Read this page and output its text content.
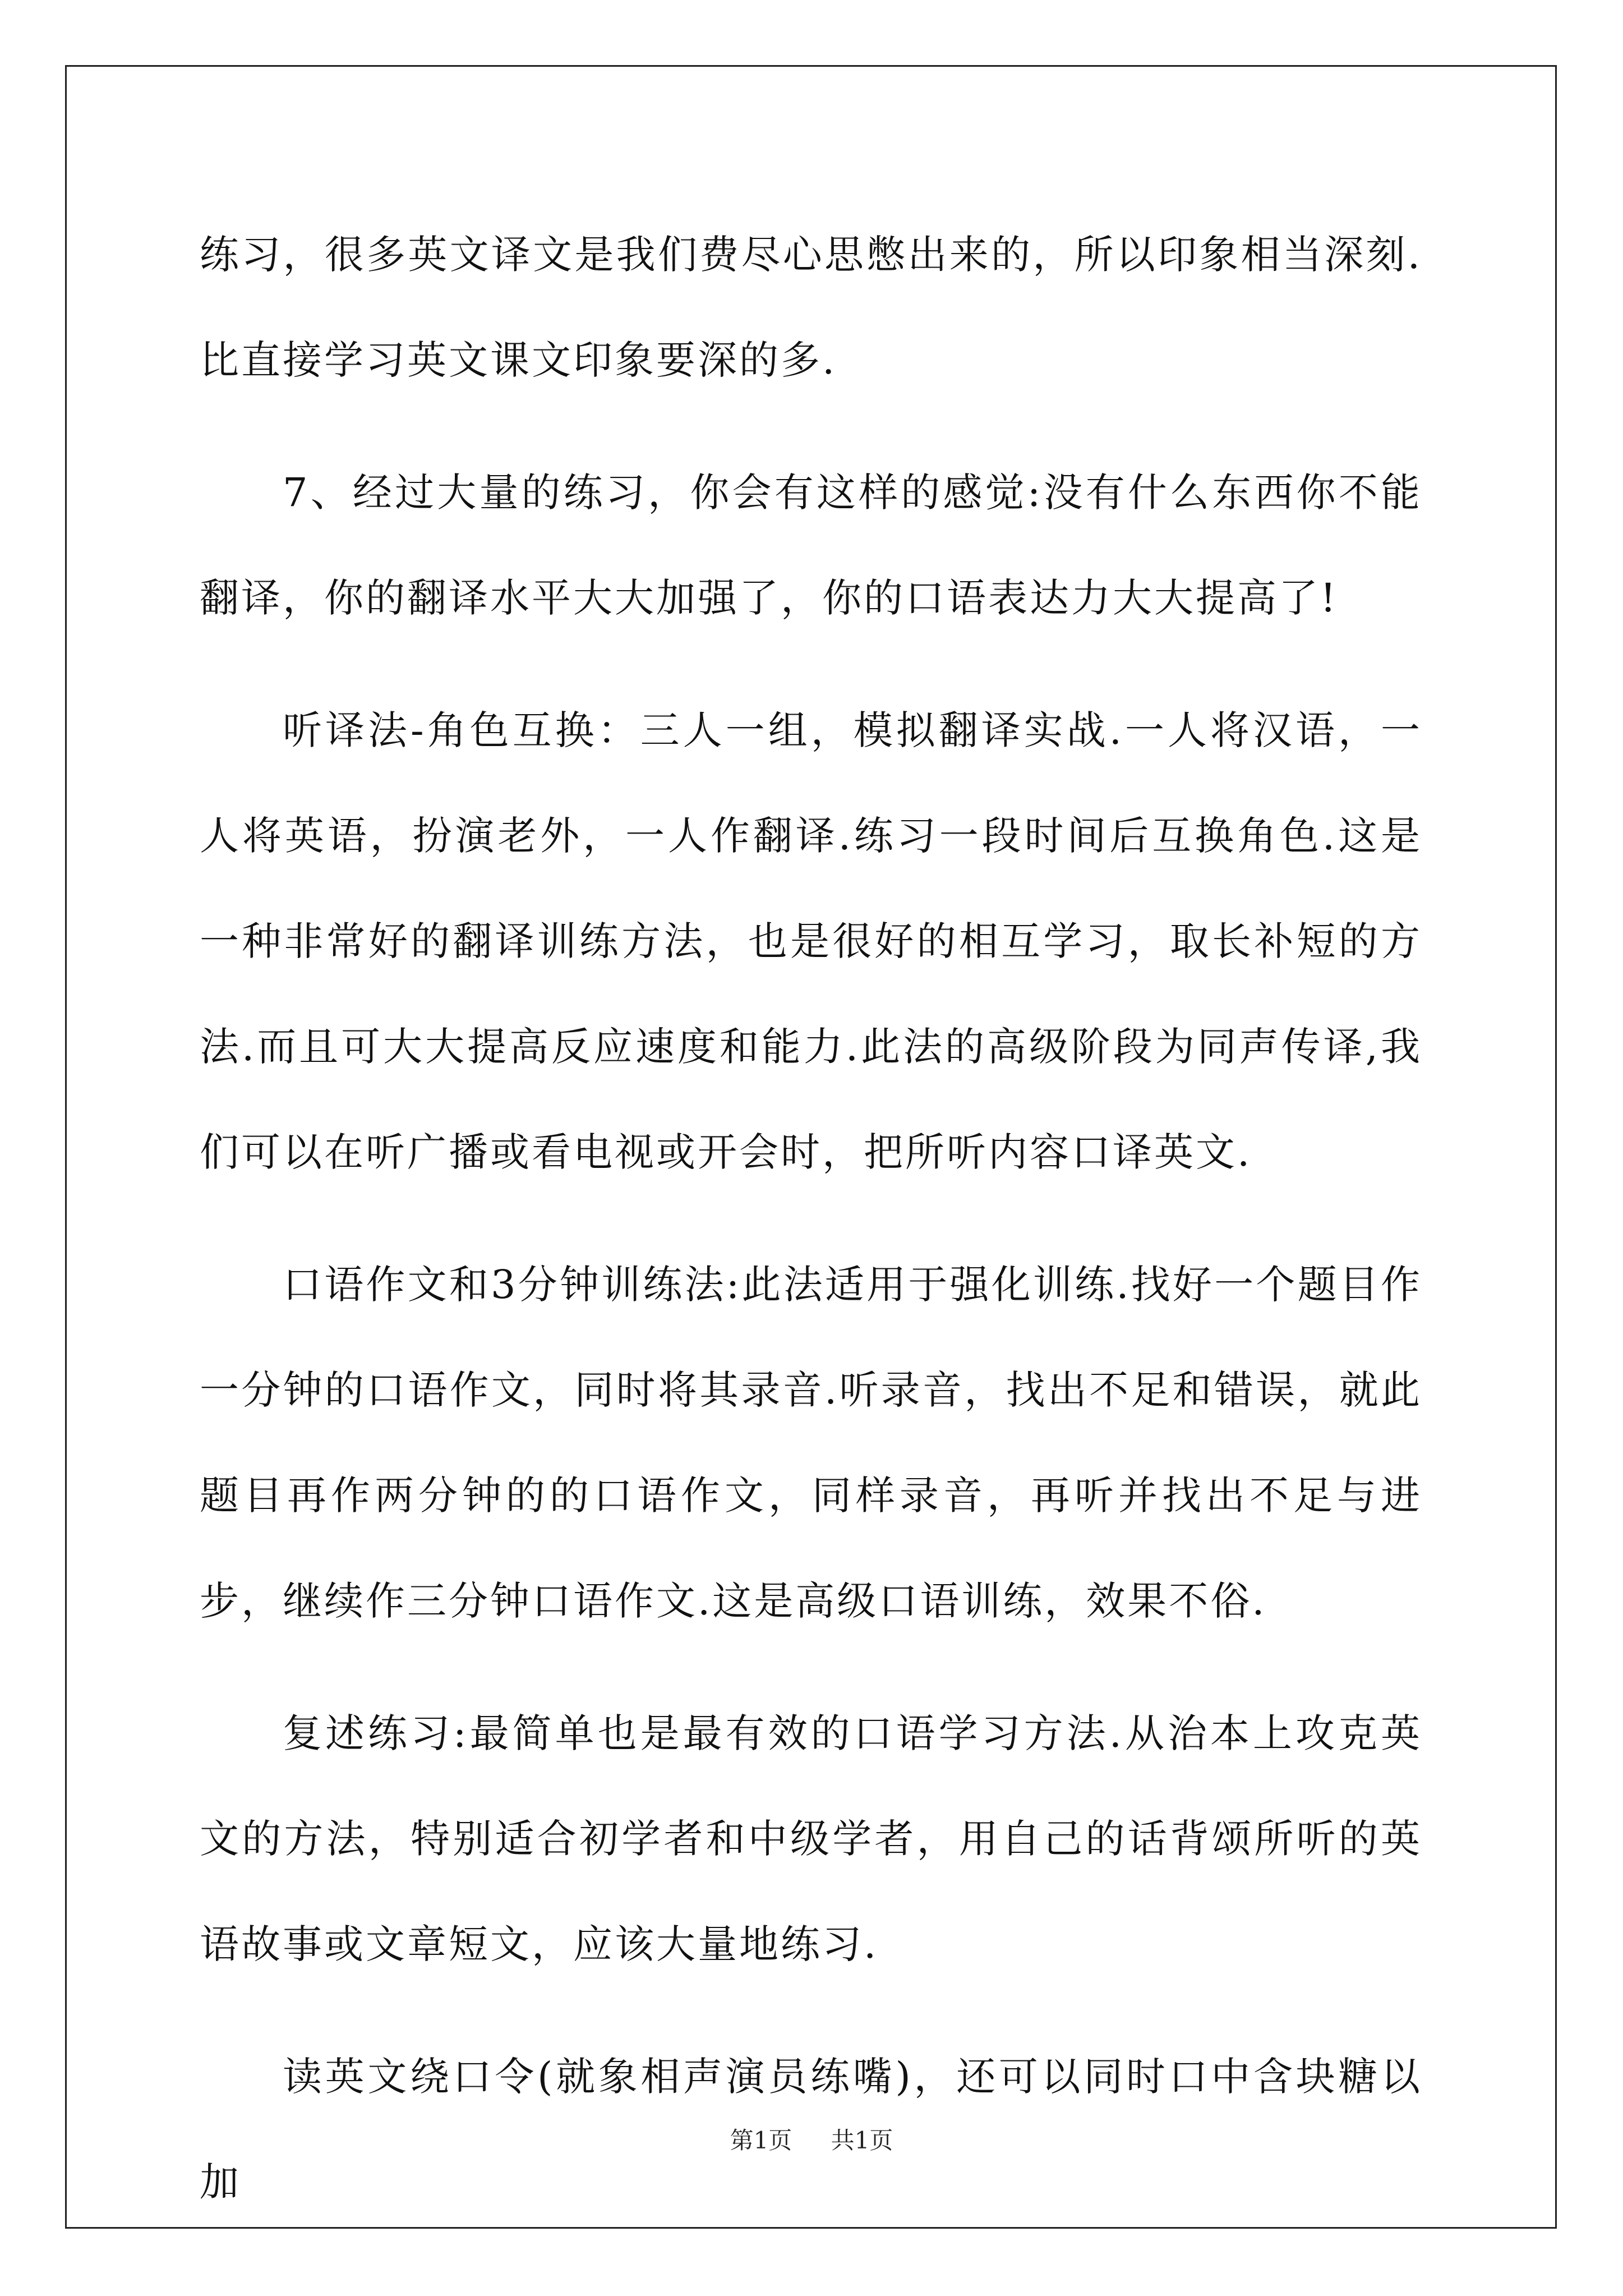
练习，很多英文译文是我们费尽心思憋出来的，所以印象相当深刻.比直接学习英文课文印象要深的多.

7、经过大量的练习，你会有这样的感觉:没有什么东西你不能翻译，你的翻译水平大大加强了，你的口语表达力大大提高了!

听译法-角色互换：三人一组，模拟翻译实战.一人将汉语，一人将英语，扮演老外，一人作翻译.练习一段时间后互换角色.这是一种非常好的翻译训练方法，也是很好的相互学习，取长补短的方法.而且可大大提高反应速度和能力.此法的高级阶段为同声传译,我们可以在听广播或看电视或开会时，把所听内容口译英文.

口语作文和3分钟训练法:此法适用于强化训练.找好一个题目作一分钟的口语作文，同时将其录音.听录音，找出不足和错误，就此题目再作两分钟的的口语作文，同样录音，再听并找出不足与进步，继续作三分钟口语作文.这是高级口语训练，效果不俗.

复述练习:最简单也是最有效的口语学习方法.从治本上攻克英文的方法，特别适合初学者和中级学者，用自己的话背颂所听的英语故事或文章短文，应该大量地练习.

读英文绕口令(就象相声演员练嘴)，还可以同时口中含块糖以加

第1页 共1页
